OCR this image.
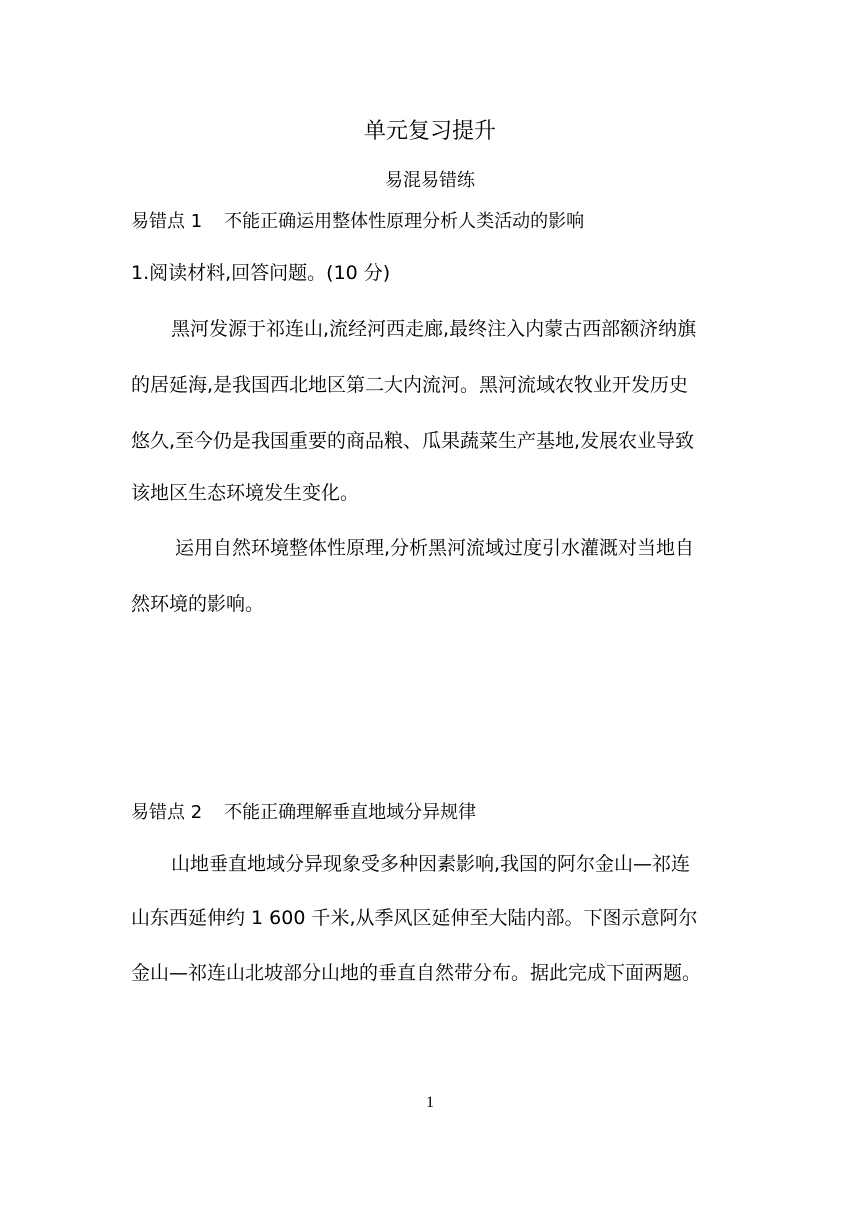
单元复习提升
易混易错练
易错点 1 不能正确运用整体性原理分析人类活动的影响

1.阅读材料,回答问题。(10 分)

黑河发源于祁连山,流经河西走廊,最终注入内蒙古西部额济纳旗

的居延海,是我国西北地区第二大内流河。黑河流域农牧业开发历史

悠久,至今仍是我国重要的商品粮、瓜果蔬菜生产基地,发展农业导致

该地区生态环境发生变化。

运用自然环境整体性原理,分析黑河流域过度引水灌溉对当地自

然环境的影响。

易错点 2 不能正确理解垂直地域分异规律

山地垂直地域分异现象受多种因素影响,我国的阿尔金山—祁连

山东西延伸约 1 600 千米,从季风区延伸至大陆内部。下图示意阿尔

金山—祁连山北坡部分山地的垂直自然带分布。据此完成下面两题。

1
